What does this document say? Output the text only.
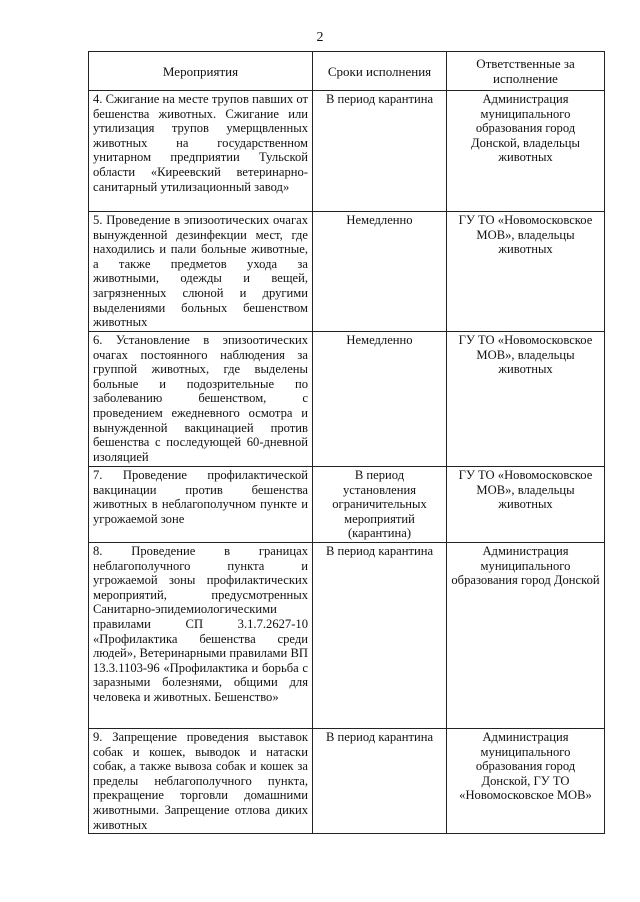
2
Мероприятия	Сроки исполнения	Ответственные за исполнение
4. Сжигание на месте трупов павших от бешенства животных. Сжигание или утилизация трупов умерщвленных животных на государственном унитарном предприятии Тульской области «Киреевский ветеринарно-санитарный утилизационный завод»	В период карантина	Администрация муниципального образования город Донской, владельцы животных
5. Проведение в эпизоотических очагах вынужденной дезинфекции мест, где находились и пали больные животные, а также предметов ухода за животными, одежды и вещей, загрязненных слюной и другими выделениями больных бешенством животных	Немедленно	ГУ ТО «Новомосковское МОВ», владельцы животных
6. Установление в эпизоотических очагах постоянного наблюдения за группой животных, где выделены больные и подозрительные по заболеванию бешенством, с проведением ежедневного осмотра и вынужденной вакцинацией против бешенства с последующей 60-дневной изоляцией	Немедленно	ГУ ТО «Новомосковское МОВ», владельцы животных
7. Проведение профилактической вакцинации против бешенства животных в неблагополучном пункте и угрожаемой зоне	В период установления ограничительных мероприятий (карантина)	ГУ ТО «Новомосковское МОВ», владельцы животных
8. Проведение в границах неблагополучного пункта и угрожаемой зоны профилактических мероприятий, предусмотренных Санитарно-эпидемиологическими правилами СП 3.1.7.2627-10 «Профилактика бешенства среди людей», Ветеринарными правилами ВП 13.3.1103-96 «Профилактика и борьба с заразными болезнями, общими для человека и животных. Бешенство»	В период карантина	Администрация муниципального образования город Донской
9. Запрещение проведения выставок собак и кошек, выводок и натаски собак, а также вывоза собак и кошек за пределы неблагополучного пункта, прекращение торговли домашними животными. Запрещение отлова диких животных	В период карантина	Администрация муниципального образования город Донской, ГУ ТО «Новомосковское МОВ»
